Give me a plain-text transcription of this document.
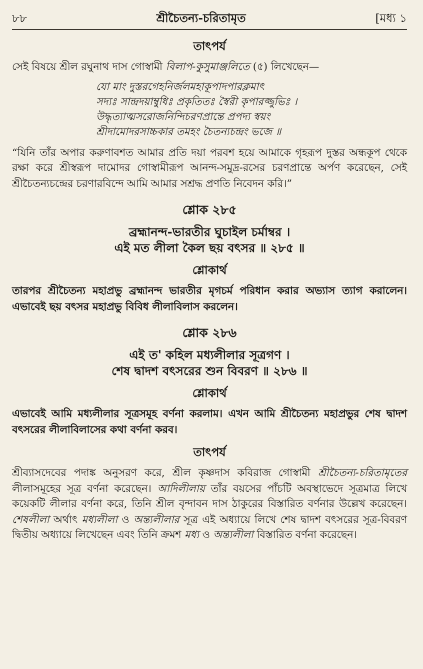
৮৮	শ্রীচৈতন্য-চরিতামৃত	[মধ্য ১
তাৎপর্য

সেই বিষয়ে শ্রীল রঘুনাথ দাস গোস্বামী বিলাপ-কুসুমাঞ্জলিতে (৫) লিখেছেন—

যো মাং দুস্তরগেহনির্জলমহাকূপাদপারক্লমাৎ
সদ্যঃ সান্দ্রদয়াম্বুধিঃ প্রকৃতিতঃ স্বৈরী কৃপারজ্জুভিঃ ।
উদ্ধৃত্যাত্মসরোজনিন্দিচরণপ্রান্তে প্রপদ্য স্বয়ং
শ্রীদামোদরসাচ্চকার তমহং চৈতন্যচন্দ্রং ভজে ॥

“যিনি তাঁর অপার করুণাবশত আমার প্রতি দয়া পরবশ হয়ে আমাকে গৃহরূপ দুস্তর অন্ধকূপ থেকে রক্ষা করে শ্রীস্বরূপ দামোদর গোস্বামীরূপ আনন্দ-সমুদ্র-রসের চরণপ্রান্তে অর্পণ করেছেন, সেই শ্রীচৈতন্যচন্দ্রের চরণারবিন্দে আমি আমার সশ্রদ্ধ প্রণতি নিবেদন করি।”

শ্লোক ২৮৫
ব্রহ্মানন্দ-ভারতীর ঘুচাইল চর্মাম্বর ।
এই মত লীলা কৈল ছয় বৎসর ॥ ২৮৫ ॥
শ্লোকার্থ

তারপর শ্রীচৈতন্য মহাপ্রভু ব্রহ্মানন্দ ভারতীর মৃগচর্ম পরিধান করার অভ্যাস ত্যাগ করালেন। এভাবেই ছয় বৎসর মহাপ্রভু বিবিধ লীলাবিলাস করলেন।

শ্লোক ২৮৬
এই ত' কহিল মধ্যলীলার সূত্রগণ ।
শেষ দ্বাদশ বৎসরের শুন বিবরণ ॥ ২৮৬ ॥
শ্লোকার্থ

এভাবেই আমি মধ্যলীলার সূত্রসমূহ বর্ণনা করলাম। এখন আমি শ্রীচৈতন্য মহাপ্রভুর শেষ দ্বাদশ বৎসরের লীলাবিলাসের কথা বর্ণনা করব।

তাৎপর্য

শ্রীব্যাসদেবের পদাঙ্ক অনুসরণ করে, শ্রীল কৃষ্ণদাস কবিরাজ গোস্বামী শ্রীচৈতন্য-চরিতামৃতের লীলাসমূহের সূত্র বর্ণনা করেছেন। আদিলীলায় তাঁর বয়সের পাঁচটি অবস্থাভেদে সূত্রমাত্র লিখে কয়েকটি লীলার বর্ণনা করে, তিনি শ্রীল বৃন্দাবন দাস ঠাকুরের বিস্তারিত বর্ণনার উল্লেখ করেছেন। শেষলীলা অর্থাৎ মধ্যলীলা ও অন্ত্যলীলার সূত্র এই অধ্যায়ে লিখে শেষ দ্বাদশ বৎসরের সূত্র-বিবরণ দ্বিতীয় অধ্যায়ে লিখেছেন এবং তিনি ক্রমশ মধ্য ও অন্ত্যলীলা বিস্তারিত বর্ণনা করেছেন।
